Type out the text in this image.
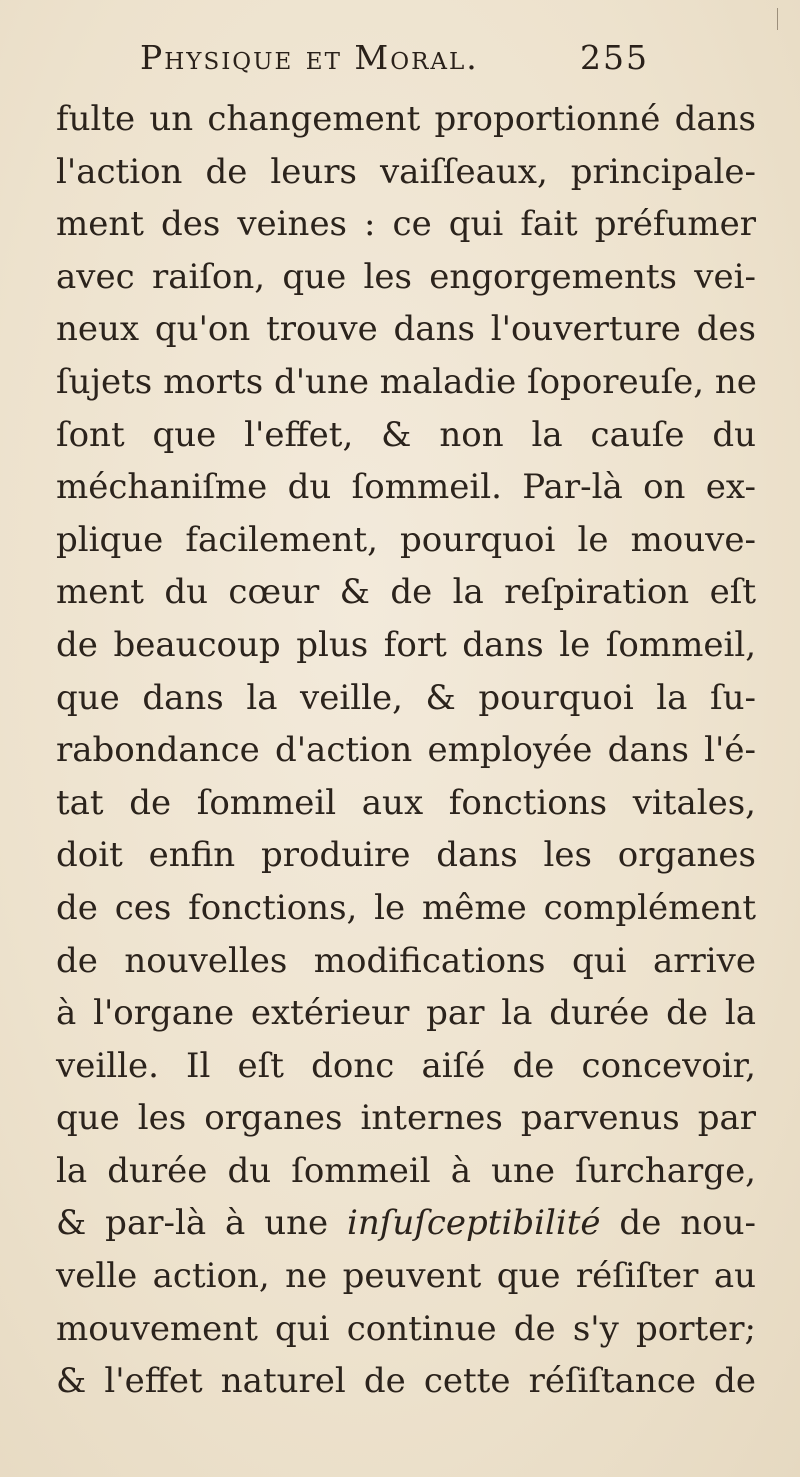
Physique et Moral.	255
fulte un changement proportionné dans
l'action de leurs vaiſſeaux, principale-
ment des veines : ce qui fait préfumer
avec raiſon, que les engorgements vei-
neux qu'on trouve dans l'ouverture des
ſujets morts d'une maladie ſoporeuſe, ne
ſont que l'effet, & non la cauſe du
méchaniſme du ſommeil. Par-là on ex-
plique facilement, pourquoi le mouve-
ment du cœur & de la reſpiration eſt
de beaucoup plus fort dans le ſommeil,
que dans la veille, & pourquoi la ſu-
rabondance d'action employée dans l'é-
tat de ſommeil aux fonctions vitales,
doit enfin produire dans les organes
de ces fonctions, le même complément
de nouvelles modifications qui arrive
à l'organe extérieur par la durée de la
veille. Il eſt donc aiſé de concevoir,
que les organes internes parvenus par
la durée du ſommeil à une ſurcharge,
& par-là à une inſuſceptibilité de nou-
velle action, ne peuvent que réſiſter au
mouvement qui continue de s'y porter;
& l'effet naturel de cette réſiſtance de
